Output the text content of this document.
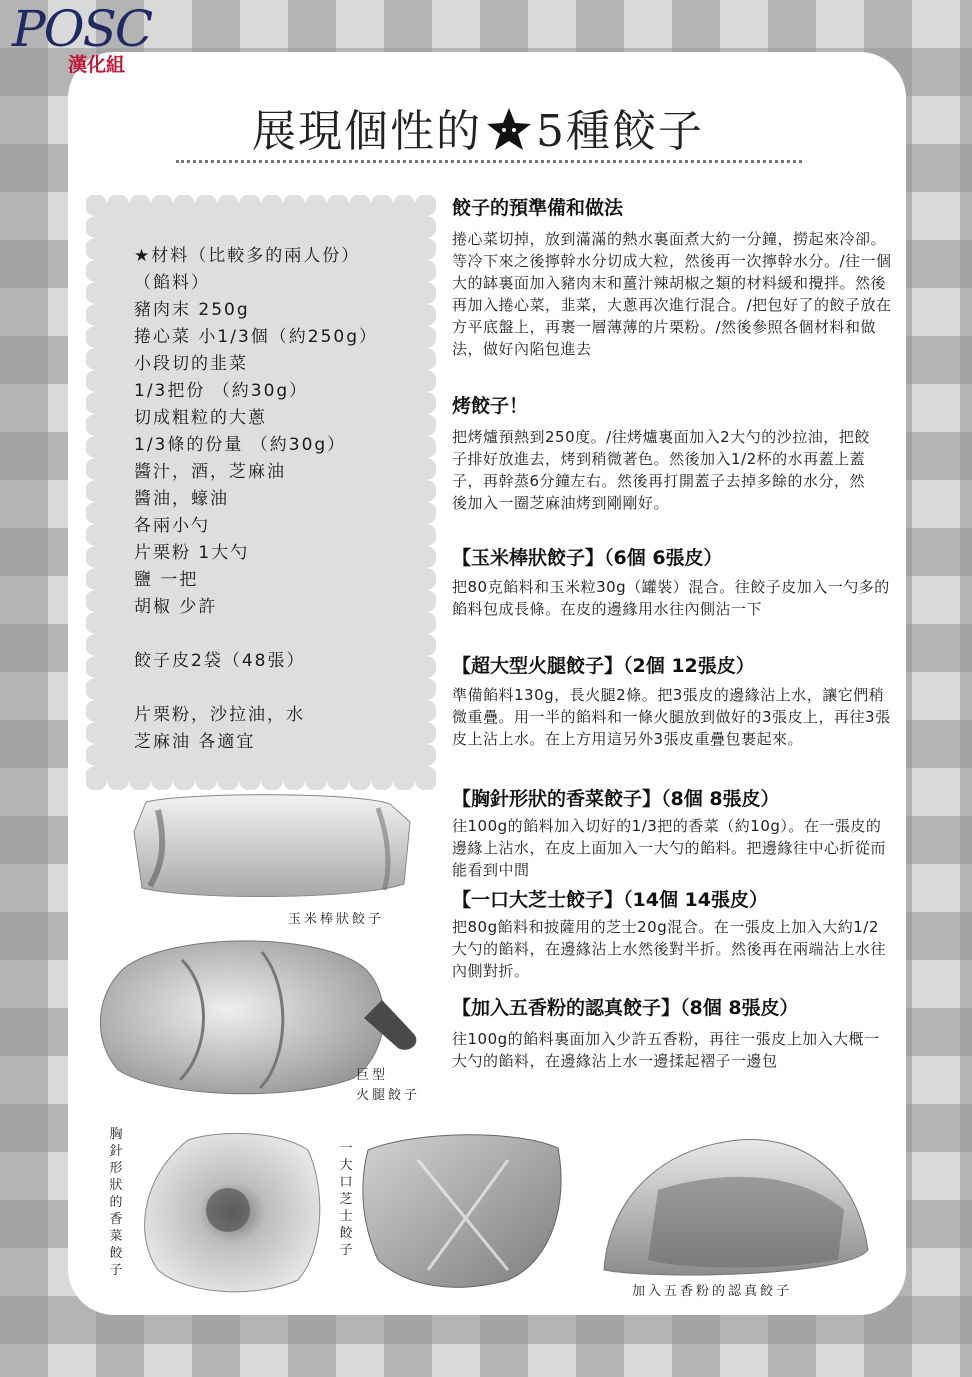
POSC
漢化組
展現個性的 5種餃子
★材料（比較多的兩人份）
（餡料）
豬肉末 250g
捲心菜 小1/3個（約250g）
小段切的韭菜
1/3把份 （約30g）
切成粗粒的大蔥
1/3條的份量 （約30g）
醬汁，酒，芝麻油
醬油，蠔油
各兩小勺
片栗粉 1大勺
鹽 一把
胡椒 少許
餃子皮2袋（48張）
片栗粉，沙拉油，水
芝麻油 各適宜
餃子的預準備和做法

捲心菜切掉，放到滿滿的熱水裏面煮大約一分鐘，撈起來冷卻。等冷下來之後擰幹水分切成大粒，然後再一次擰幹水分。/往一個大的缽裏面加入豬肉末和薑汁辣胡椒之類的材料緩和攪拌。然後再加入捲心菜，韭菜，大蔥再次進行混合。/把包好了的餃子放在方平底盤上，再裹一層薄薄的片栗粉。/然後參照各個材料和做法，做好內陷包進去

烤餃子！

把烤爐預熱到250度。/往烤爐裏面加入2大勺的沙拉油，把餃子排好放進去，烤到稍微著色。然後加入1/2杯的水再蓋上蓋子，再幹蒸6分鐘左右。然後再打開蓋子去掉多餘的水分，然後加入一圈芝麻油烤到剛剛好。

【玉米棒狀餃子】（6個 6張皮）

把80克餡料和玉米粒30g（罐裝）混合。往餃子皮加入一勺多的餡料包成長條。在皮的邊緣用水往內側沾一下

【超大型火腿餃子】（2個 12張皮）

準備餡料130g，長火腿2條。把3張皮的邊緣沾上水，讓它們稍微重疊。用一半的餡料和一條火腿放到做好的3張皮上，再往3張皮上沾上水。在上方用這另外3張皮重疊包裹起來。

【胸針形狀的香菜餃子】（8個 8張皮）

往100g的餡料加入切好的1/3把的香菜（約10g）。在一張皮的邊緣上沾水，在皮上面加入一大勺的餡料。把邊緣往中心折從而能看到中間

【一口大芝士餃子】（14個 14張皮）

把80g餡料和披薩用的芝士20g混合。在一張皮上加入大約1/2大勺的餡料，在邊緣沾上水然後對半折。然後再在兩端沾上水往內側對折。

【加入五香粉的認真餃子】（8個 8張皮）

往100g的餡料裏面加入少許五香粉，再往一張皮上加入大概一大勺的餡料，在邊緣沾上水一邊揉起褶子一邊包

玉米棒狀餃子
巨型
火腿餃子
胸針形狀的香菜餃子
一大口芝士餃子
加入五香粉的認真餃子
